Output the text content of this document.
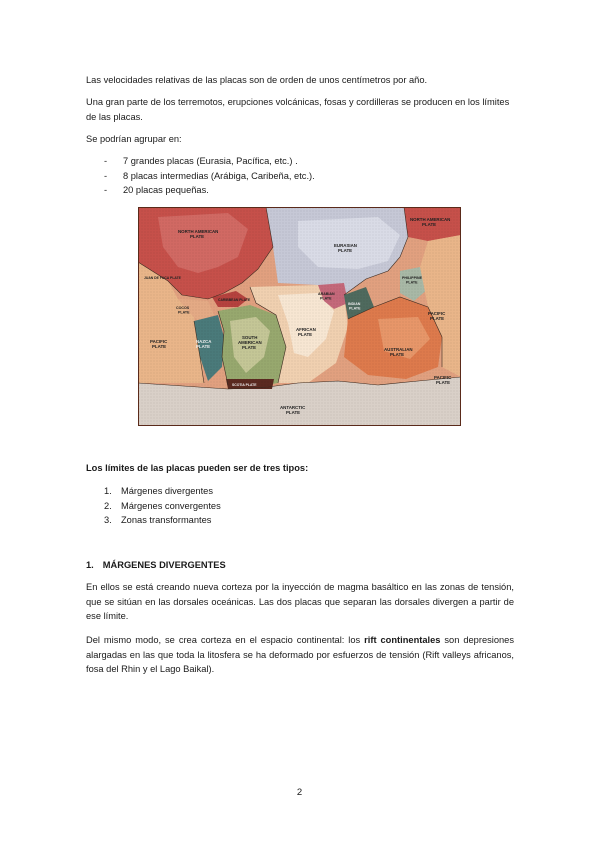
Las velocidades relativas de las placas son de orden de unos centímetros por año.

Una gran parte de los terremotos, erupciones volcánicas, fosas y cordilleras se producen en los límites de las placas.

Se podrían agrupar en:

- 7 grandes placas (Eurasia, Pacífica, etc.) .
- 8 placas intermedias (Arábiga, Caribeña, etc.).
- 20 placas pequeñas.
NORTH AMERICAN PLATE
NORTH AMERICAN PLATE
EURASIAN PLATE
JUAN DE FUCA PLATE
CARIBBEAN PLATE
COCOS PLATE
PACIFIC PLATE
NAZCA PLATE
SOUTH AMERICAN PLATE
AFRICAN PLATE
ARABIAN PLATE
INDIAN PLATE
PHILIPPINE PLATE
PACIFIC PLATE
AUSTRALIAN PLATE
PACIFIC PLATE
SCOTIA PLATE
ANTARCTIC PLATE

Los límites de las placas pueden ser de tres tipos:

1. Márgenes divergentes
2. Márgenes convergentes
3. Zonas transformantes

1. MÁRGENES DIVERGENTES

En ellos se está creando nueva corteza por la inyección de magma basáltico en las zonas de tensión, que se sitúan en las dorsales oceánicas. Las dos placas que separan las dorsales divergen a partir de ese límite.

Del mismo modo, se crea corteza en el espacio continental: los rift continentales son depresiones alargadas en las que toda la litosfera se ha deformado por esfuerzos de tensión (Rift valleys africanos, fosa del Rhin y el Lago Baikal).

2
